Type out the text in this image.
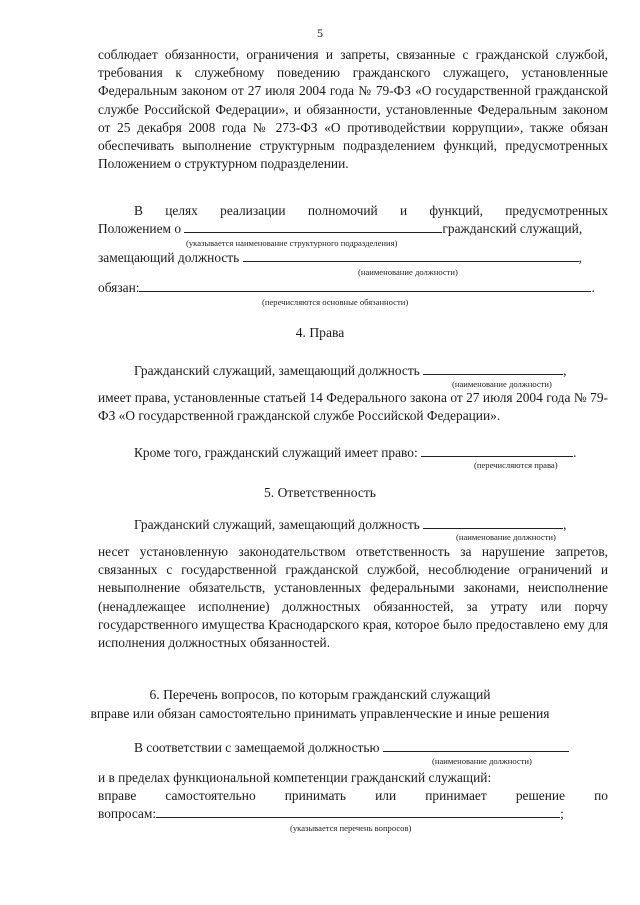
5
соблюдает обязанности, ограничения и запреты, связанные с гражданской службой, требования к служебному поведению гражданского служащего, установленные Федеральным законом от 27 июля 2004 года № 79-ФЗ «О государственной гражданской службе Российской Федерации», и обязанности, установленные Федеральным законом от 25 декабря 2008 года № 273-ФЗ «О противодействии коррупции», также обязан обеспечивать выполнение структурным подразделением функций, предусмотренных Положением о структурном подразделении.
В целях реализации полномочий и функций, предусмотренных
Положением о	гражданский служащий,
(указывается наименование структурного подразделения)
замещающий должность	,
(наименование должности)
обязан:	.
(перечисляются основные обязанности)
4. Права
Гражданский служащий, замещающий должность	,
(наименование должности)
имеет права, установленные статьей 14 Федерального закона от 27 июля 2004 года № 79-ФЗ «О государственной гражданской службе Российской Федерации».
Кроме того, гражданский служащий имеет право:	.
(перечисляются права)
5. Ответственность
Гражданский служащий, замещающий должность	,
(наименование должности)
несет установленную законодательством ответственность за нарушение запретов, связанных с государственной гражданской службой, несоблюдение ограничений и невыполнение обязательств, установленных федеральными законами, неисполнение (ненадлежащее исполнение) должностных обязанностей, за утрату или порчу государственного имущества Краснодарского края, которое было предоставлено ему для исполнения должностных обязанностей.
6. Перечень вопросов, по которым гражданский служащий
вправе или обязан самостоятельно принимать управленческие и иные решения
В соответствии с замещаемой должностью
(наименование должности)
и в пределах функциональной компетенции гражданский служащий:
вправе самостоятельно принимать или принимает решение по
вопросам:	;
(указывается перечень вопросов)
